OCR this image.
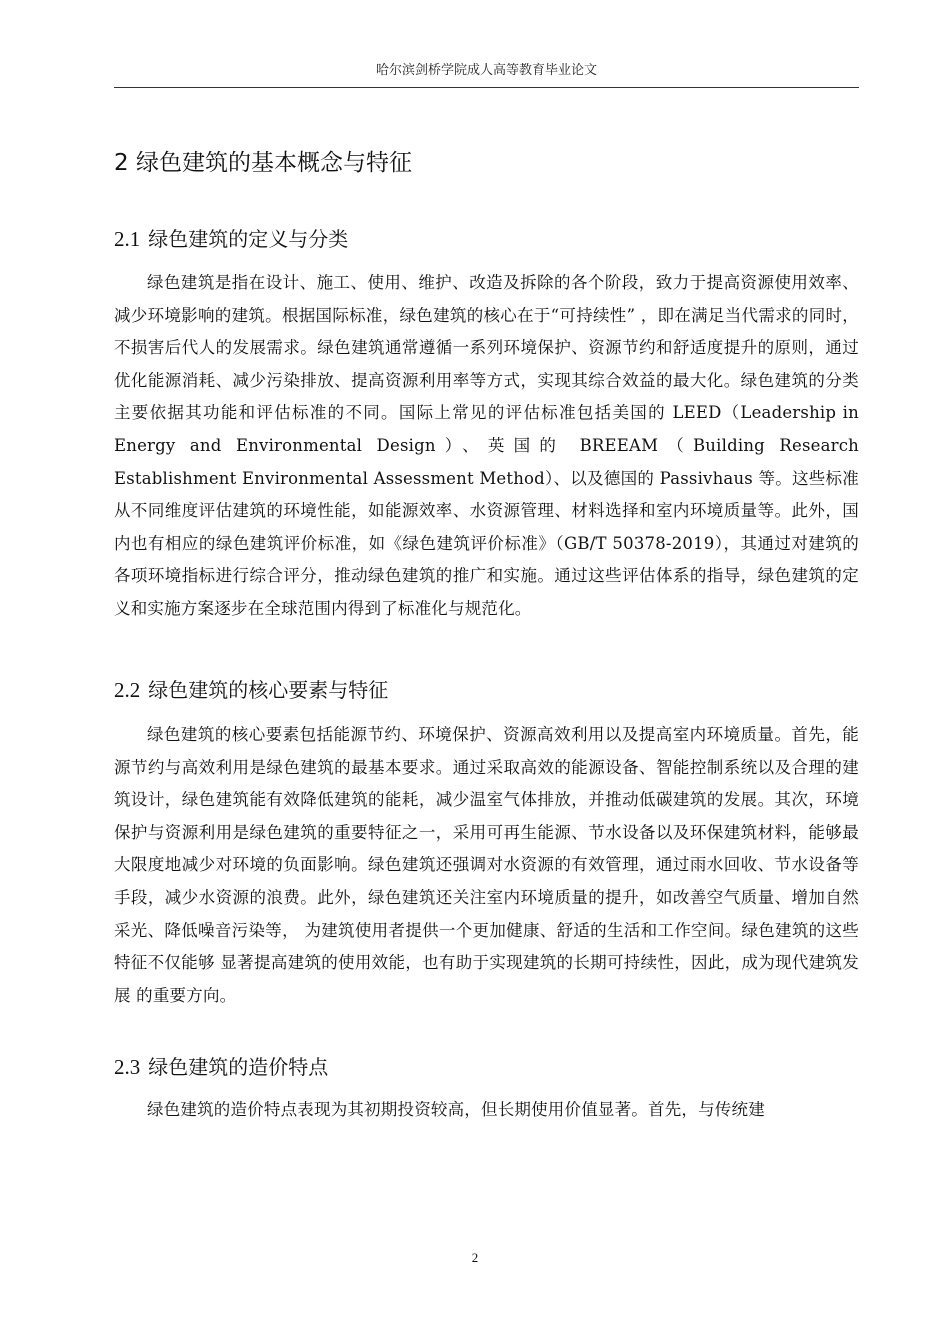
哈尔滨剑桥学院成人高等教育毕业论文
2 绿色建筑的基本概念与特征
2.1 绿色建筑的定义与分类

绿色建筑是指在设计、施工、使用、维护、改造及拆除的各个阶段，致力于提高资源使用效率、减少环境影响的建筑。根据国际标准，绿色建筑的核心在于“可持续性” ，即在满足当代需求的同时，不损害后代人的发展需求。绿色建筑通常遵循一系列环境保护、资源节约和舒适度提升的原则，通过优化能源消耗、减少污染排放、提高资源利用率等方式，实现其综合效益的最大化。绿色建筑的分类主要依据其功能和评估标准的不同。国际上常见的评估标准包括美国的 LEED（Leadership in Energy and Environmental Design）、英国的 BREEAM（Building Research Establishment Environmental Assessment Method）、以及德国的 Passivhaus 等。这些标准从不同维度评估建筑的环境性能，如能源效率、水资源管理、材料选择和室内环境质量等。此外，国内也有相应的绿色建筑评价标准，如《绿色建筑评价标准》（GB/T 50378-2019），其通过对建筑的各项环境指标进行综合评分，推动绿色建筑的推广和实施。通过这些评估体系的指导，绿色建筑的定义和实施方案逐步在全球范围内得到了标准化与规范化。

2.2 绿色建筑的核心要素与特征

绿色建筑的核心要素包括能源节约、环境保护、资源高效利用以及提高室内环境质量。首先，能源节约与高效利用是绿色建筑的最基本要求。通过采取高效的能源设备、智能控制系统以及合理的建筑设计，绿色建筑能有效降低建筑的能耗，减少温室气体排放，并推动低碳建筑的发展。其次，环境保护与资源利用是绿色建筑的重要特征之一，采用可再生能源、节水设备以及环保建筑材料，能够最大限度地减少对环境的负面影响。绿色建筑还强调对水资源的有效管理，通过雨水回收、节水设备等手段，减少水资源的浪费。此外，绿色建筑还关注室内环境质量的提升，如改善空气质量、增加自然采光、降低噪音污染等， 为建筑使用者提供一个更加健康、舒适的生活和工作空间。绿色建筑的这些特征不仅能够 显著提高建筑的使用效能，也有助于实现建筑的长期可持续性，因此，成为现代建筑发展 的重要方向。

2.3 绿色建筑的造价特点

绿色建筑的造价特点表现为其初期投资较高，但长期使用价值显著。首先，与传统建

2
